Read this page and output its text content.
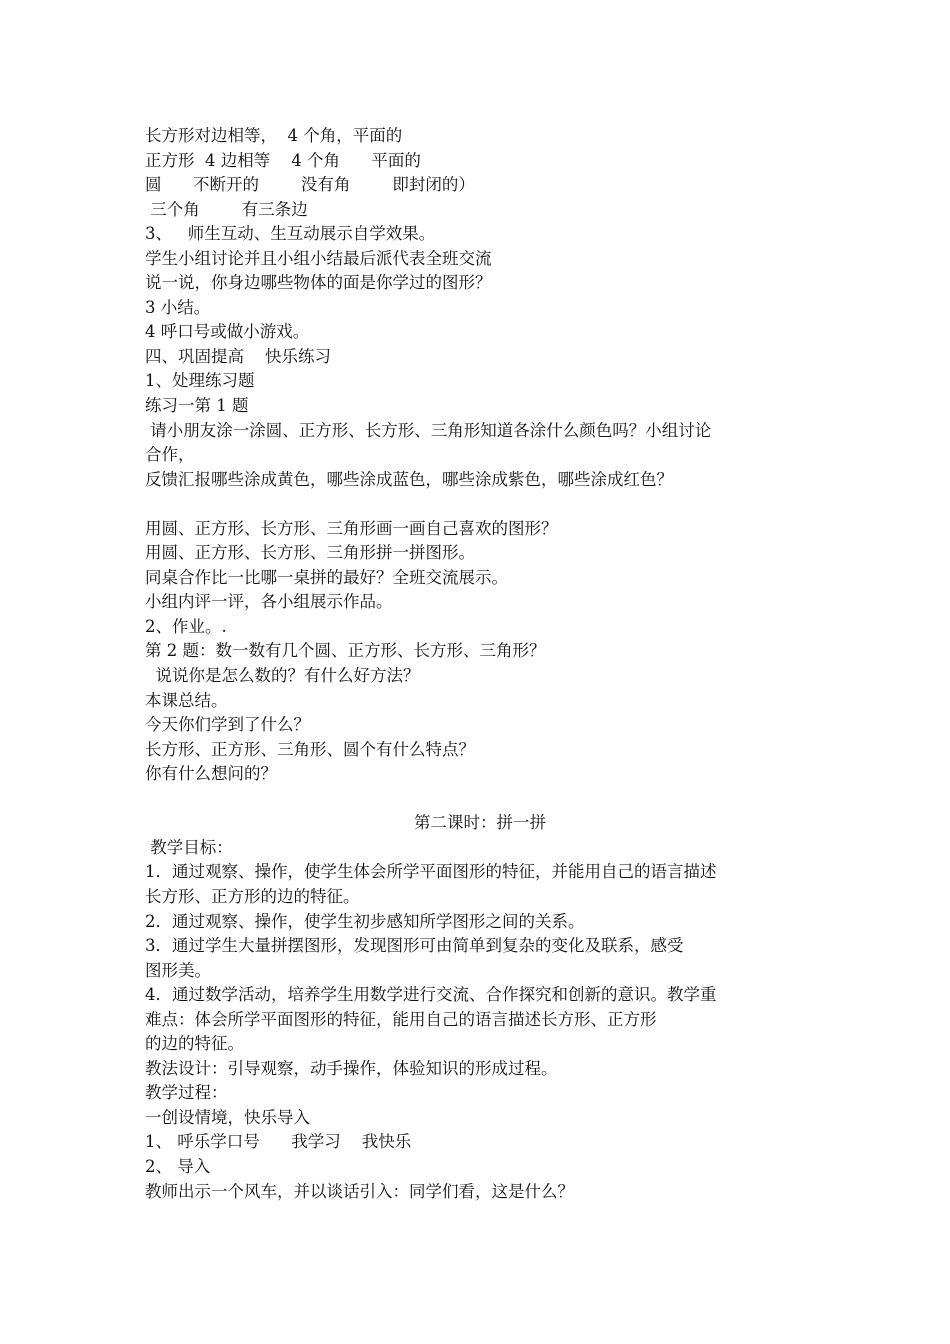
长方形对边相等，  4 个角，平面的
正方形  4 边相等    4 个角      平面的
圆      不断开的        没有角        即封闭的）
三个角        有三条边
3、   师生互动、生互动展示自学效果。
学生小组讨论并且小组小结最后派代表全班交流
说一说，你身边哪些物体的面是你学过的图形？
3 小结。
4 呼口号或做小游戏。
四、巩固提高    快乐练习
1、处理练习题
练习一第 1 题
请小朋友涂一涂圆、正方形、长方形、三角形知道各涂什么颜色吗？小组讨论
合作，
反馈汇报哪些涂成黄色，哪些涂成蓝色，哪些涂成紫色，哪些涂成红色？
用圆、正方形、长方形、三角形画一画自己喜欢的图形？
用圆、正方形、长方形、三角形拼一拼图形。
同桌合作比一比哪一桌拼的最好？全班交流展示。
小组内评一评，各小组展示作品。
2、作业。.
第 2 题：数一数有几个圆、正方形、长方形、三角形？
说说你是怎么数的？有什么好方法？
本课总结。
今天你们学到了什么？
长方形、正方形、三角形、圆个有什么特点？
你有什么想问的？
第二课时：拼一拼
教学目标：
1．通过观察、操作，使学生体会所学平面图形的特征，并能用自己的语言描述
长方形、正方形的边的特征。
2．通过观察、操作，使学生初步感知所学图形之间的关系。
3．通过学生大量拼摆图形，发现图形可由简单到复杂的变化及联系，感受
图形美。
4．通过数学活动，培养学生用数学进行交流、合作探究和创新的意识。教学重
难点：体会所学平面图形的特征，能用自己的语言描述长方形、正方形
的边的特征。
教法设计：引导观察，动手操作，体验知识的形成过程。
教学过程：
一创设情境，快乐导入
1、 呼乐学口号      我学习    我快乐
2、 导入
教师出示一个风车，并以谈话引入：同学们看，这是什么？
